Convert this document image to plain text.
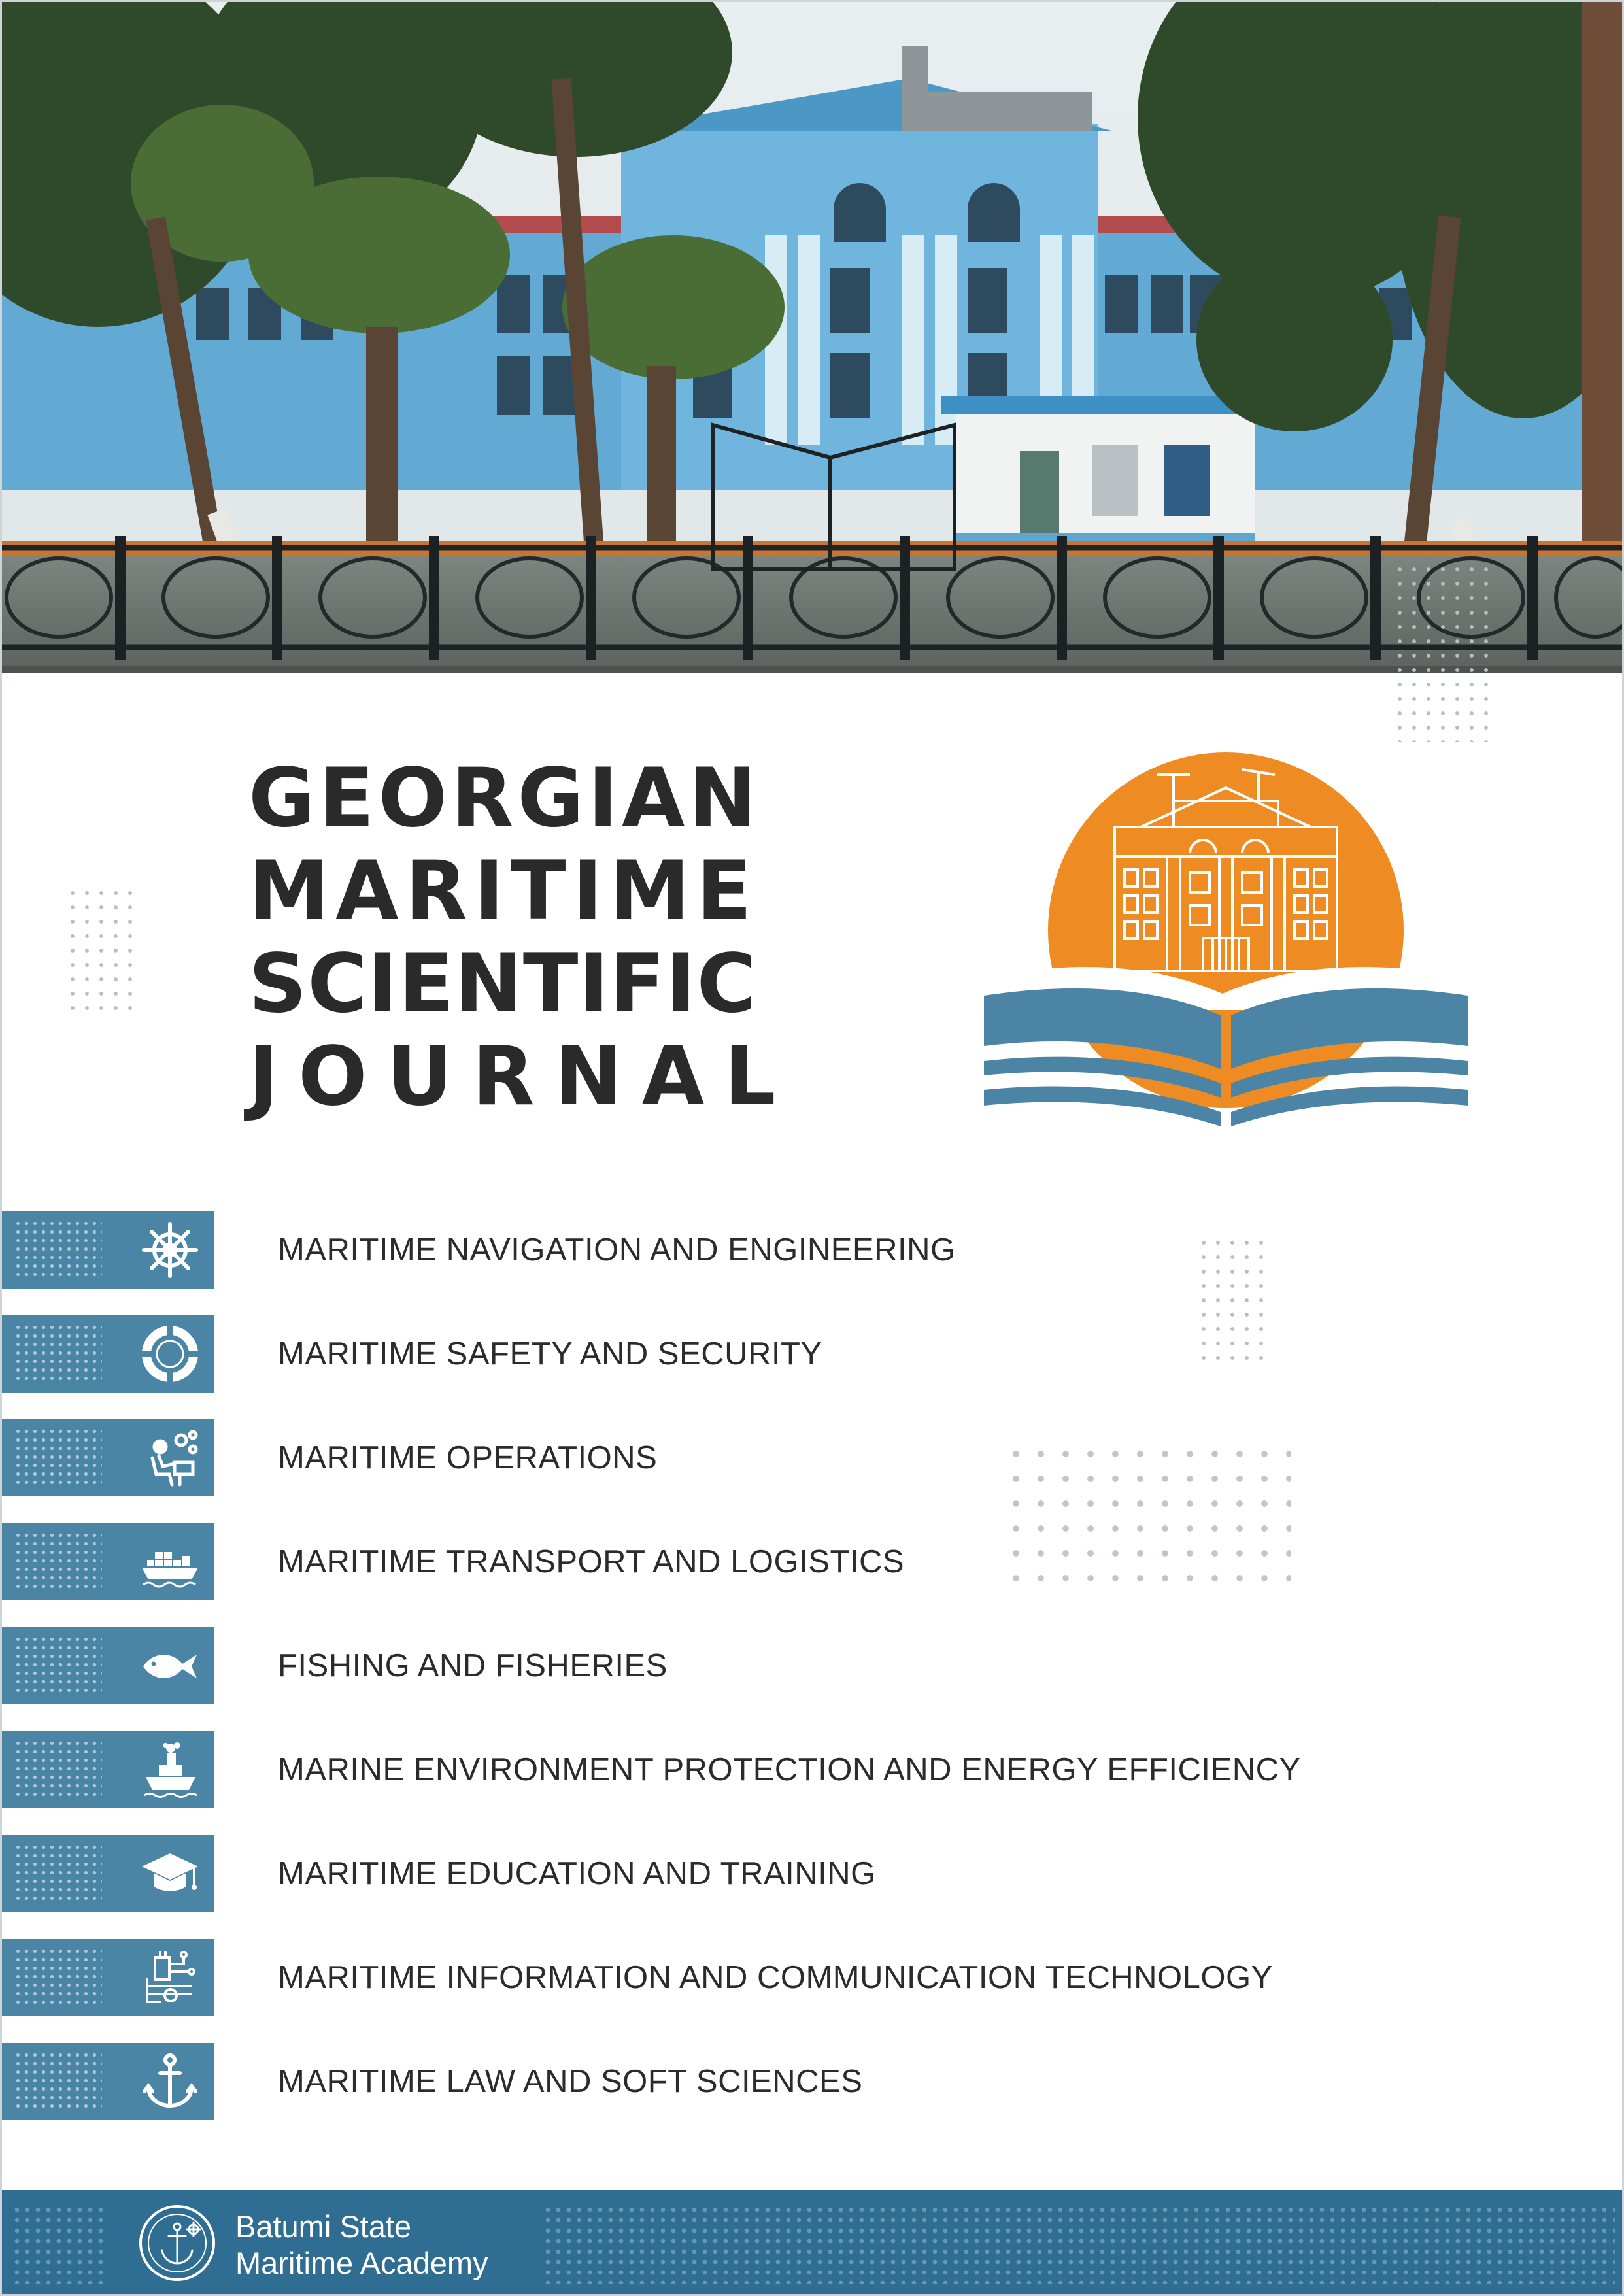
GEORGIAN
MARITIME
SCIENTIFIC
JOURNAL
MARITIME NAVIGATION AND ENGINEERING
MARITIME SAFETY AND SECURITY
MARITIME OPERATIONS
MARITIME TRANSPORT AND LOGISTICS
FISHING AND FISHERIES
MARINE ENVIRONMENT PROTECTION AND ENERGY EFFICIENCY
MARITIME EDUCATION AND TRAINING
MARITIME INFORMATION AND COMMUNICATION TECHNOLOGY
MARITIME LAW AND SOFT SCIENCES
Batumi State
Maritime Academy
